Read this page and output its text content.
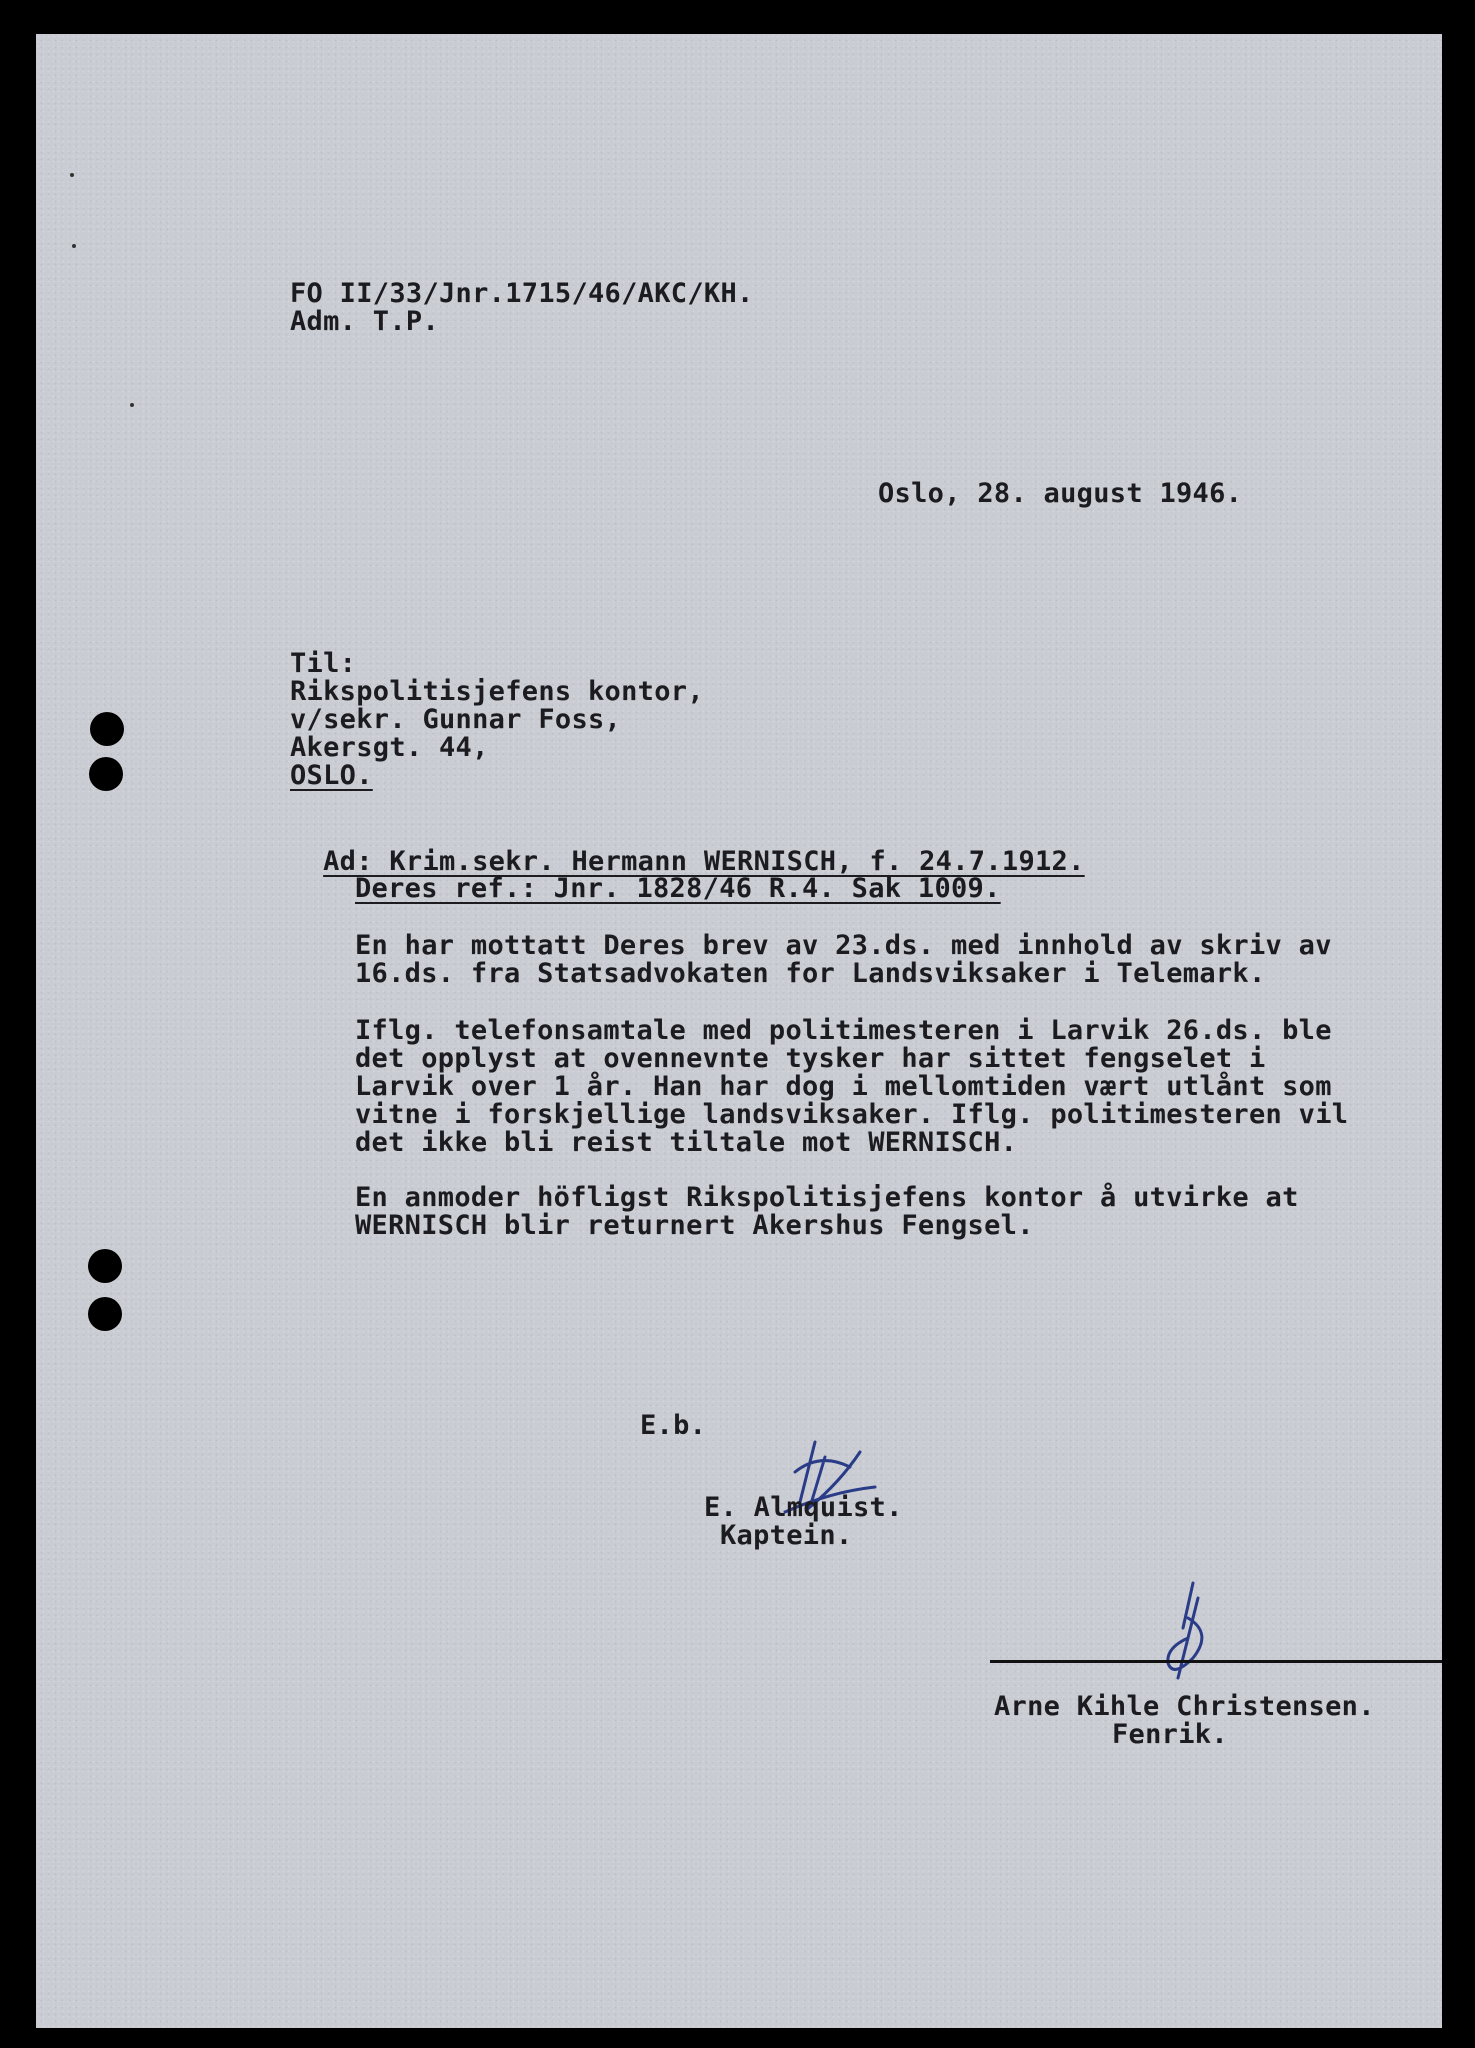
FO II/33/Jnr.1715/46/AKC/KH.
Adm. T.P.
Oslo, 28. august 1946.
Til:
Rikspolitisjefens kontor,
v/sekr. Gunnar Foss,
Akersgt. 44,
OSLO.

Ad: Krim.sekr. Hermann WERNISCH, f. 24.7.1912.

Deres ref.: Jnr. 1828/46 R.4. Sak 1009.
En har mottatt Deres brev av 23.ds. med innhold av skriv av
16.ds. fra Statsadvokaten for Landsviksaker i Telemark.
Iflg. telefonsamtale med politimesteren i Larvik 26.ds. ble
det opplyst at ovennevnte tysker har sittet fengselet i
Larvik over 1 år. Han har dog i mellomtiden vært utlånt som
vitne i forskjellige landsviksaker. Iflg. politimesteren vil
det ikke bli reist tiltale mot WERNISCH.
En anmoder höfligst Rikspolitisjefens kontor å utvirke at
WERNISCH blir returnert Akershus Fengsel.
E.b.
E. Almquist.
Kaptein.
Arne Kihle Christensen.
Fenrik.
